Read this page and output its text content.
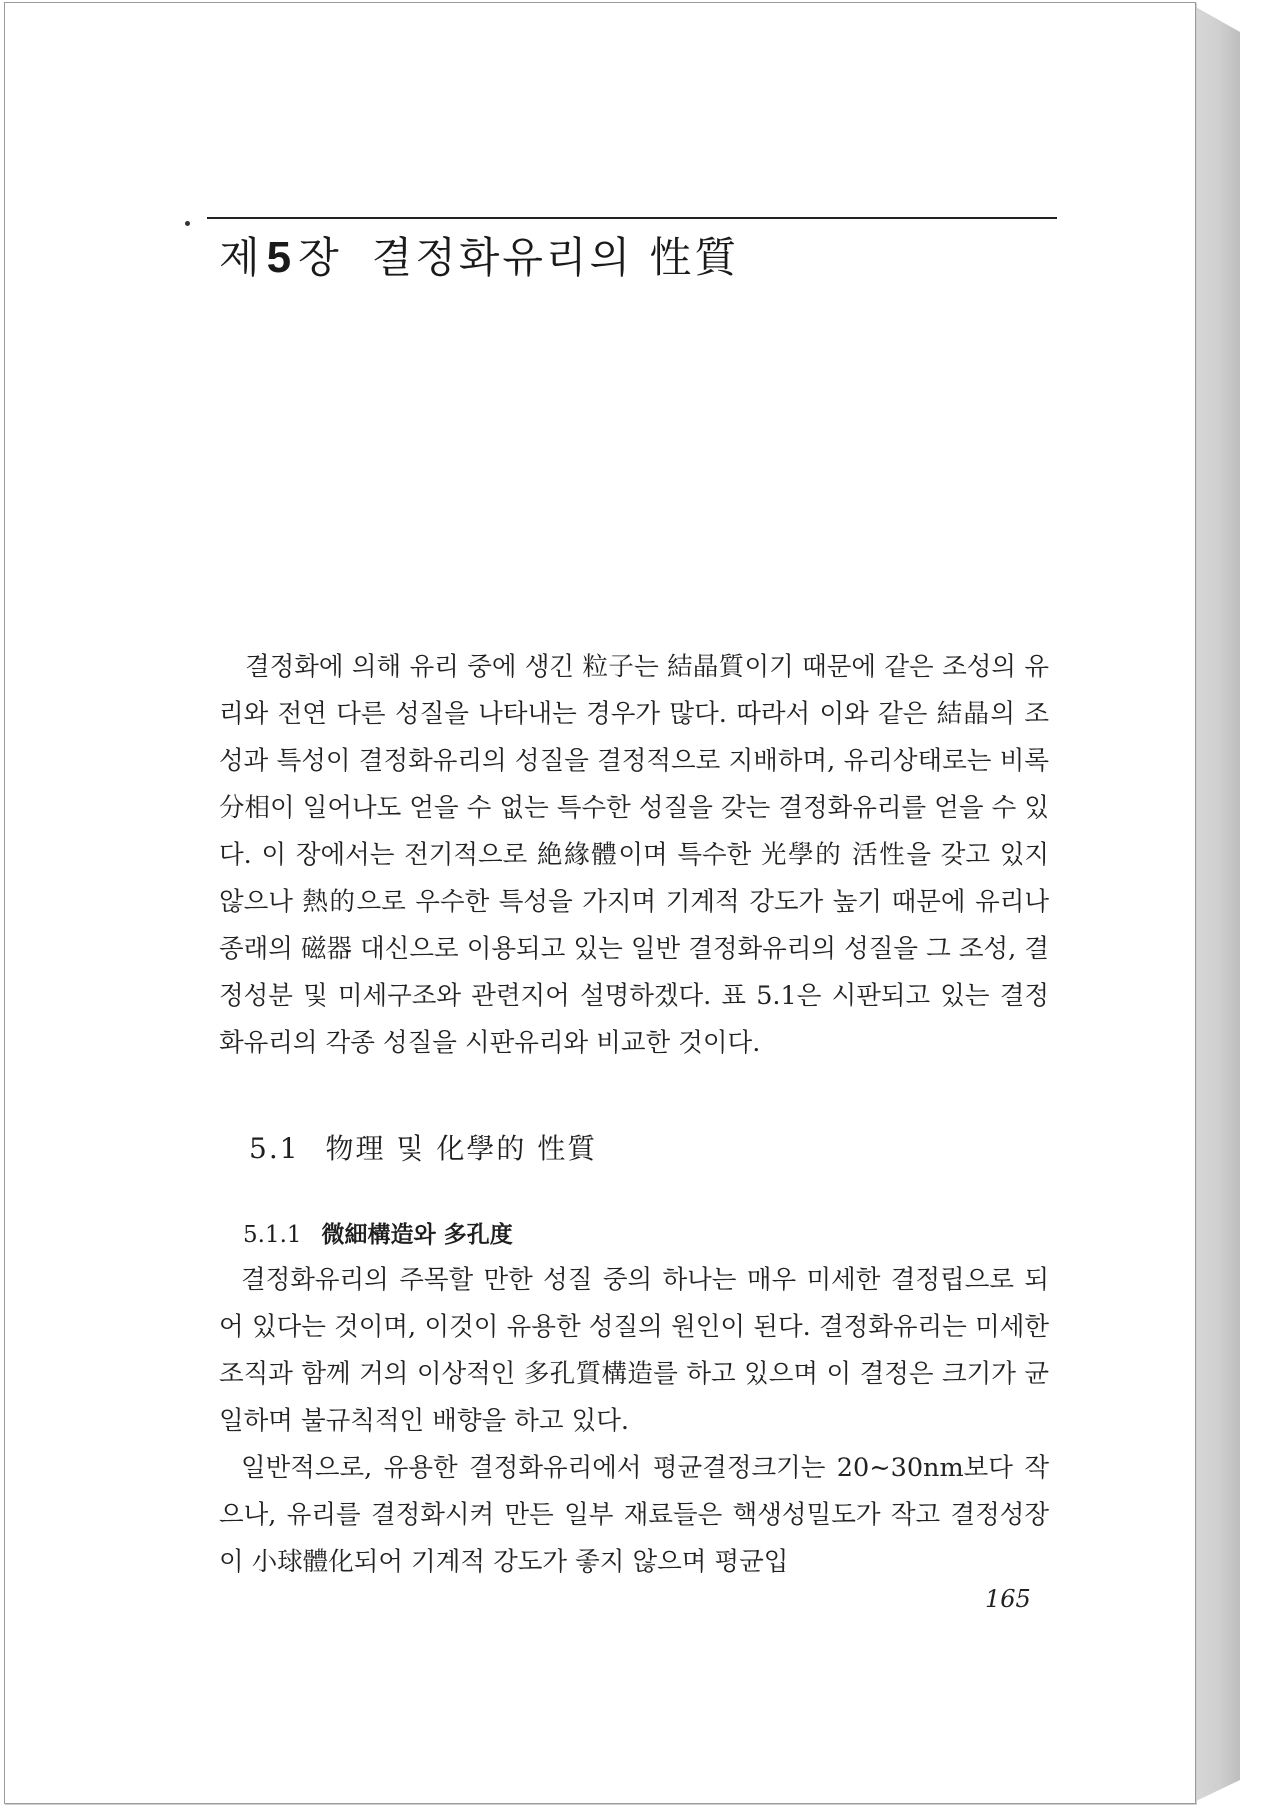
제5장 결정화유리의 性質

결정화에 의해 유리 중에 생긴 粒子는 結晶質이기 때문에 같은 조성의 유리와 전연 다른 성질을 나타내는 경우가 많다. 따라서 이와 같은 結晶의 조성과 특성이 결정화유리의 성질을 결정적으로 지배하며, 유리상태로는 비록 分相이 일어나도 얻을 수 없는 특수한 성질을 갖는 결정화유리를 얻을 수 있다. 이 장에서는 전기적으로 絶緣體이며 특수한 光學的 活性을 갖고 있지 않으나 熱的으로 우수한 특성을 가지며 기계적 강도가 높기 때문에 유리나 종래의 磁器 대신으로 이용되고 있는 일반 결정화유리의 성질을 그 조성, 결정성분 및 미세구조와 관련지어 설명하겠다. 표 5.1은 시판되고 있는 결정화유리의 각종 성질을 시판유리와 비교한 것이다.

5.1 物理 및 化學的 性質
5.1.1 微細構造와 多孔度

결정화유리의 주목할 만한 성질 중의 하나는 매우 미세한 결정립으로 되어 있다는 것이며, 이것이 유용한 성질의 원인이 된다. 결정화유리는 미세한 조직과 함께 거의 이상적인 多孔質構造를 하고 있으며 이 결정은 크기가 균일하며 불규칙적인 배향을 하고 있다.

일반적으로, 유용한 결정화유리에서 평균결정크기는 20∼30nm보다 작으나, 유리를 결정화시켜 만든 일부 재료들은 핵생성밀도가 작고 결정성장이 小球體化되어 기계적 강도가 좋지 않으며 평균입

165
